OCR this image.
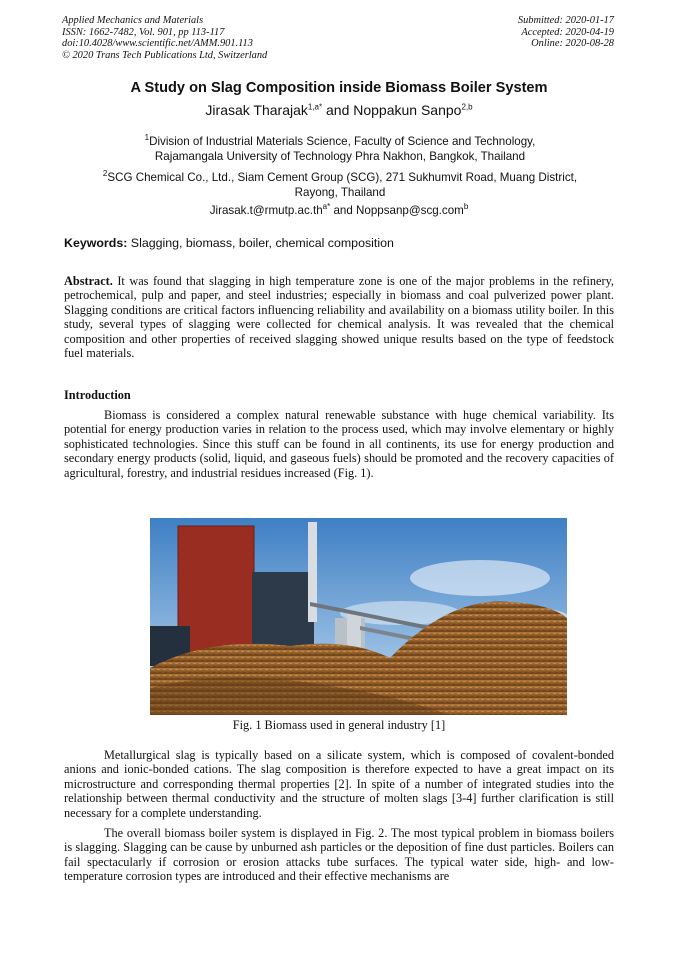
Applied Mechanics and Materials
ISSN: 1662-7482, Vol. 901, pp 113-117
doi:10.4028/www.scientific.net/AMM.901.113
© 2020 Trans Tech Publications Ltd, Switzerland
Submitted: 2020-01-17
Accepted: 2020-04-19
Online: 2020-08-28
A Study on Slag Composition inside Biomass Boiler System
Jirasak Tharajak$^{1,a*}$ and Noppakun Sanpo$^{2,b}$
$^1$Division of Industrial Materials Science, Faculty of Science and Technology,
Rajamangala University of Technology Phra Nakhon, Bangkok, Thailand
$^2$SCG Chemical Co., Ltd., Siam Cement Group (SCG), 271 Sukhumvit Road, Muang District,
Rayong, Thailand
$Jirasak.t@rmutp.ac.th^{a*}$ and Noppsanp@scg.com$^b$
Keywords: Slagging, biomass, boiler, chemical composition
Abstract. It was found that slagging in high temperature zone is one of the major problems in the refinery, petrochemical, pulp and paper, and steel industries; especially in biomass and coal pulverized power plant. Slagging conditions are critical factors influencing reliability and availability on a biomass utility boiler. In this study, several types of slagging were collected for chemical analysis. It was revealed that the chemical composition and other properties of received slagging showed unique results based on the type of feedstock fuel materials.
Introduction
Biomass is considered a complex natural renewable substance with huge chemical variability. Its potential for energy production varies in relation to the process used, which may involve elementary or highly sophisticated technologies. Since this stuff can be found in all continents, its use for energy production and secondary energy products (solid, liquid, and gaseous fuels) should be promoted and the recovery capacities of agricultural, forestry, and industrial residues increased (Fig. 1).
Fig. 1 Biomass used in general industry [1]
Metallurgical slag is typically based on a silicate system, which is composed of covalent-bonded anions and ionic-bonded cations. The slag composition is therefore expected to have a great impact on its microstructure and corresponding thermal properties [2]. In spite of a number of integrated studies into the relationship between thermal conductivity and the structure of molten slags [3-4] further clarification is still necessary for a complete understanding.
The overall biomass boiler system is displayed in Fig. 2. The most typical problem in biomass boilers is slagging. Slagging can be cause by unburned ash particles or the deposition of fine dust particles. Boilers can fail spectacularly if corrosion or erosion attacks tube surfaces. The typical water side, high- and low-temperature corrosion types are introduced and their effective mechanisms are
